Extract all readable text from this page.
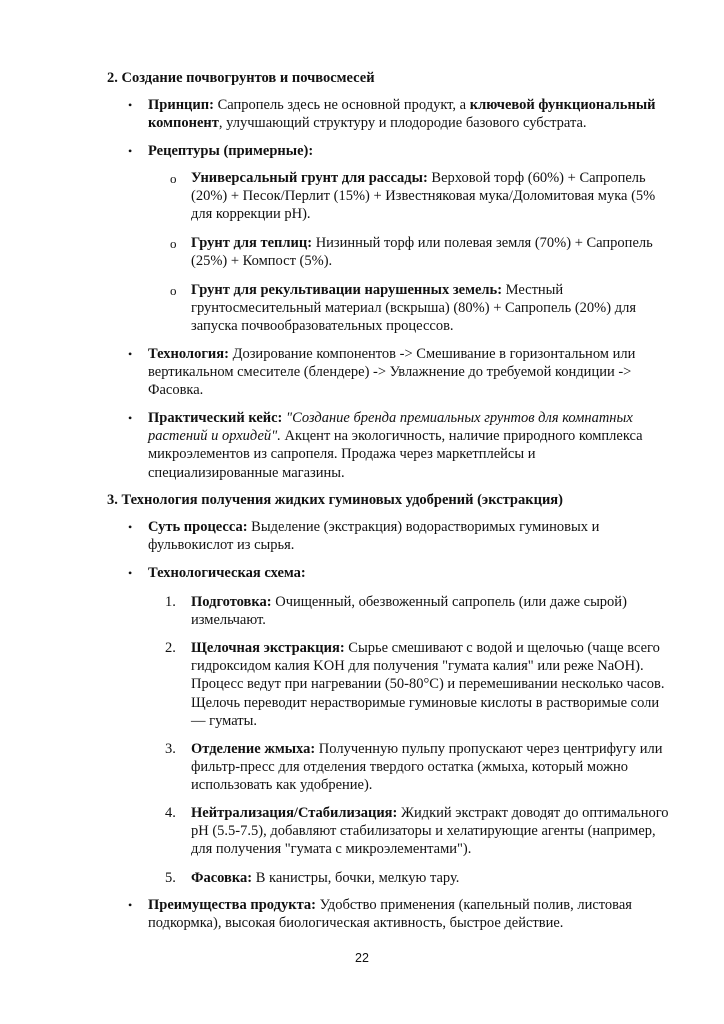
2. Создание почвогрунтов и почвосмесей
• Принцип: Сапропель здесь не основной продукт, а ключевой функциональный компонент, улучшающий структуру и плодородие базового субстрата.
• Рецептуры (примерные):
o Универсальный грунт для рассады: Верховой торф (60%) + Сапропель (20%) + Песок/Перлит (15%) + Известняковая мука/Доломитовая мука (5% для коррекции pH).
o Грунт для теплиц: Низинный торф или полевая земля (70%) + Сапропель (25%) + Компост (5%).
o Грунт для рекультивации нарушенных земель: Местный грунтосмесительный материал (вскрыша) (80%) + Сапропель (20%) для запуска почвообразовательных процессов.
• Технология: Дозирование компонентов -> Смешивание в горизонтальном или вертикальном смесителе (блендере) -> Увлажнение до требуемой кондиции -> Фасовка.
• Практический кейс: "Создание бренда премиальных грунтов для комнатных растений и орхидей". Акцент на экологичность, наличие природного комплекса микроэлементов из сапропеля. Продажа через маркетплейсы и специализированные магазины.
3. Технология получения жидких гуминовых удобрений (экстракция)
• Суть процесса: Выделение (экстракция) водорастворимых гуминовых и фульвокислот из сырья.
• Технологическая схема:
1. Подготовка: Очищенный, обезвоженный сапропель (или даже сырой) измельчают.
2. Щелочная экстракция: Сырье смешивают с водой и щелочью (чаще всего гидроксидом калия KOH для получения "гумата калия" или реже NaOH). Процесс ведут при нагревании (50-80°C) и перемешивании несколько часов. Щелочь переводит нерастворимые гуминовые кислоты в растворимые соли — гуматы.
3. Отделение жмыха: Полученную пульпу пропускают через центрифугу или фильтр-пресс для отделения твердого остатка (жмыха, который можно использовать как удобрение).
4. Нейтрализация/Стабилизация: Жидкий экстракт доводят до оптимального pH (5.5-7.5), добавляют стабилизаторы и хелатирующие агенты (например, для получения "гумата с микроэлементами").
5. Фасовка: В канистры, бочки, мелкую тару.
• Преимущества продукта: Удобство применения (капельный полив, листовая подкормка), высокая биологическая активность, быстрое действие.
22
